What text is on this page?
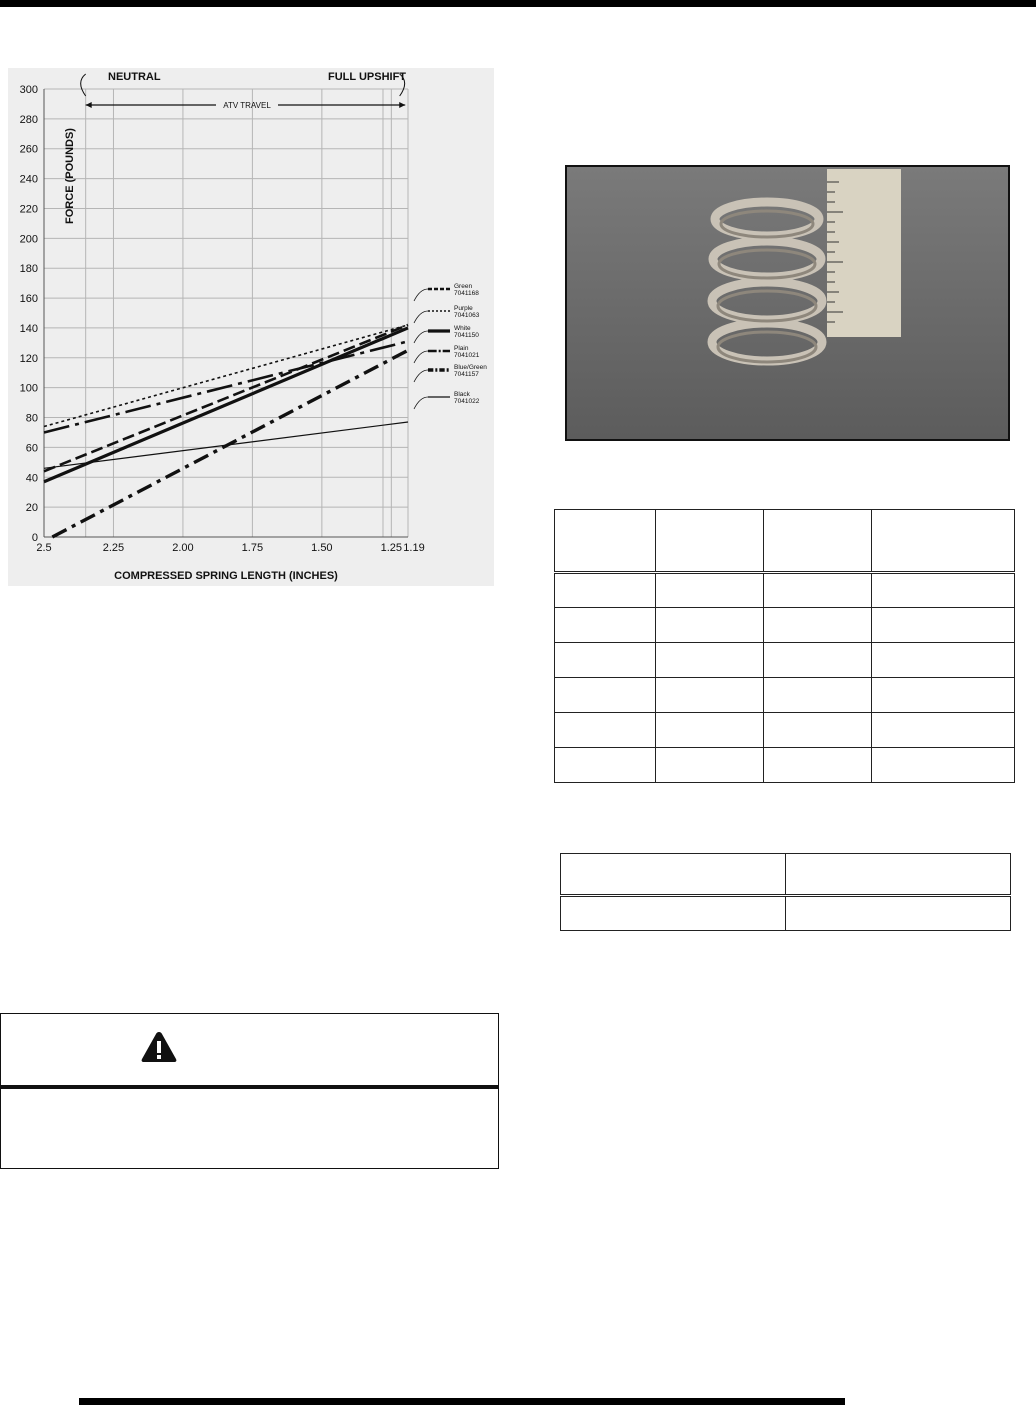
300
280
260
240
220
200
180
160
140
120
100
80
60
40
20
0
2.5	2.25	2.00	1.75	1.50	1.25 1.19
COMPRESSED SPRING LENGTH (INCHES)
FORCE (POUNDS)
NEUTRAL	FULL UPSHIFT
ATV TRAVEL
Green
7041168
Purple
7041063
White
7041150
Plain
7041021
Blue/Green
7041157
Black
7041022
